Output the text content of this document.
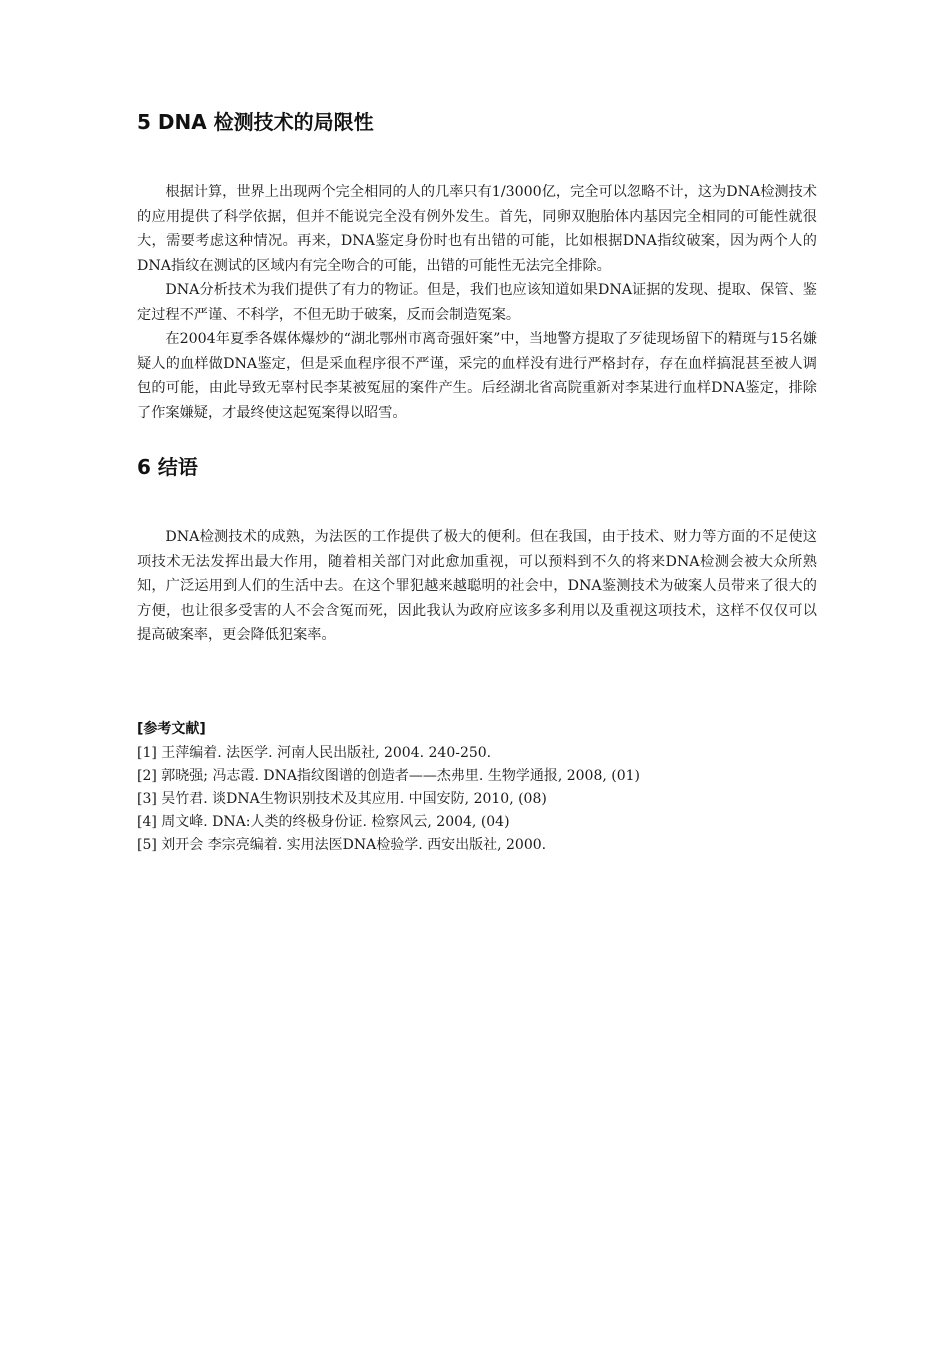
5 DNA 检测技术的局限性

根据计算，世界上出现两个完全相同的人的几率只有1/3000亿，完全可以忽略不计，这为DNA检测技术的应用提供了科学依据，但并不能说完全没有例外发生。首先，同卵双胞胎体内基因完全相同的可能性就很大，需要考虑这种情况。再来，DNA鉴定身份时也有出错的可能，比如根据DNA指纹破案，因为两个人的DNA指纹在测试的区域内有完全吻合的可能，出错的可能性无法完全排除。

DNA分析技术为我们提供了有力的物证。但是，我们也应该知道如果DNA证据的发现、提取、保管、鉴定过程不严谨、不科学，不但无助于破案，反而会制造冤案。

在2004年夏季各媒体爆炒的“湖北鄂州市离奇强奸案”中，当地警方提取了歹徒现场留下的精斑与15名嫌疑人的血样做DNA鉴定，但是采血程序很不严谨，采完的血样没有进行严格封存，存在血样搞混甚至被人调包的可能，由此导致无辜村民李某被冤屈的案件产生。后经湖北省高院重新对李某进行血样DNA鉴定，排除了作案嫌疑，才最终使这起冤案得以昭雪。

6 结语

DNA检测技术的成熟，为法医的工作提供了极大的便利。但在我国，由于技术、财力等方面的不足使这项技术无法发挥出最大作用，随着相关部门对此愈加重视，可以预料到不久的将来DNA检测会被大众所熟知，广泛运用到人们的生活中去。在这个罪犯越来越聪明的社会中，DNA鉴测技术为破案人员带来了很大的方便，也让很多受害的人不会含冤而死，因此我认为政府应该多多利用以及重视这项技术，这样不仅仅可以提高破案率，更会降低犯案率。

[参考文献]

[1] 王萍编着. 法医学. 河南人民出版社, 2004. 240-250.

[2] 郭晓强; 冯志霞. DNA指纹图谱的创造者——杰弗里. 生物学通报, 2008, (01)

[3] 吴竹君. 谈DNA生物识别技术及其应用. 中国安防, 2010, (08)

[4] 周文峰. DNA:人类的终极身份证. 检察风云, 2004, (04)

[5] 刘开会 李宗亮编着. 实用法医DNA检验学. 西安出版社, 2000.
